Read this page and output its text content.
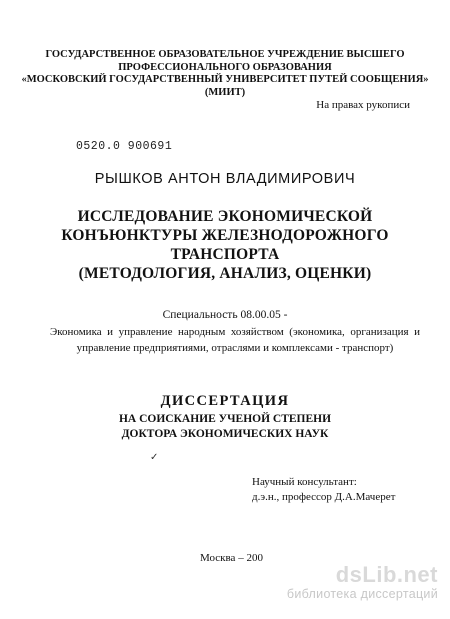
ГОСУДАРСТВЕННОЕ ОБРАЗОВАТЕЛЬНОЕ УЧРЕЖДЕНИЕ ВЫСШЕГО
ПРОФЕССИОНАЛЬНОГО ОБРАЗОВАНИЯ
«МОСКОВСКИЙ ГОСУДАРСТВЕННЫЙ УНИВЕРСИТЕТ ПУТЕЙ СООБЩЕНИЯ»
(МИИТ)
На правах рукописи
0520.0 900691
РЫШКОВ АНТОН ВЛАДИМИРОВИЧ
ИССЛЕДОВАНИЕ ЭКОНОМИЧЕСКОЙ
КОНЪЮНКТУРЫ ЖЕЛЕЗНОДОРОЖНОГО
ТРАНСПОРТА
(МЕТОДОЛОГИЯ, АНАЛИЗ, ОЦЕНКИ)
Специальность 08.00.05 -
Экономика и управление народным хозяйством (экономика, организация и управление предприятиями, отраслями и комплексами - транспорт)
ДИССЕРТАЦИЯ
НА СОИСКАНИЕ УЧЕНОЙ СТЕПЕНИ
ДОКТОРА ЭКОНОМИЧЕСКИХ НАУК
✓
Научный консультант:
д.э.н., профессор Д.А.Мачерет
Москва – 200
dsLib.net
библиотека диссертаций
